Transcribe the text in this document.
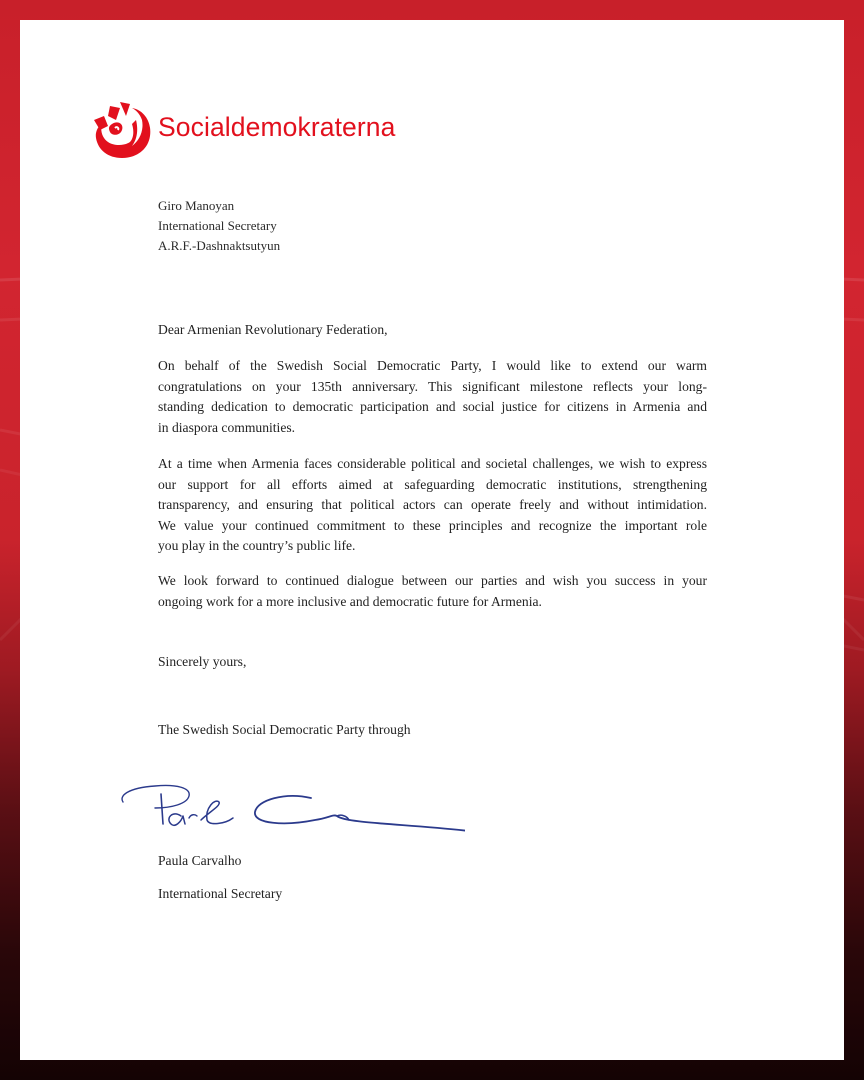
Socialdemokraterna
Giro Manoyan
International Secretary
A.R.F.-Dashnaktsutyun
Dear Armenian Revolutionary Federation,
On behalf of the Swedish Social Democratic Party, I would like to extend our warm
congratulations on your 135th anniversary. This significant milestone reflects your long-
standing dedication to democratic participation and social justice for citizens in Armenia and
in diaspora communities.
At a time when Armenia faces considerable political and societal challenges, we wish to express
our support for all efforts aimed at safeguarding democratic institutions, strengthening
transparency, and ensuring that political actors can operate freely and without intimidation.
We value your continued commitment to these principles and recognize the important role
you play in the country’s public life.
We look forward to continued dialogue between our parties and wish you success in your
ongoing work for a more inclusive and democratic future for Armenia.
Sincerely yours,
The Swedish Social Democratic Party through
Paula Carvalho
International Secretary
